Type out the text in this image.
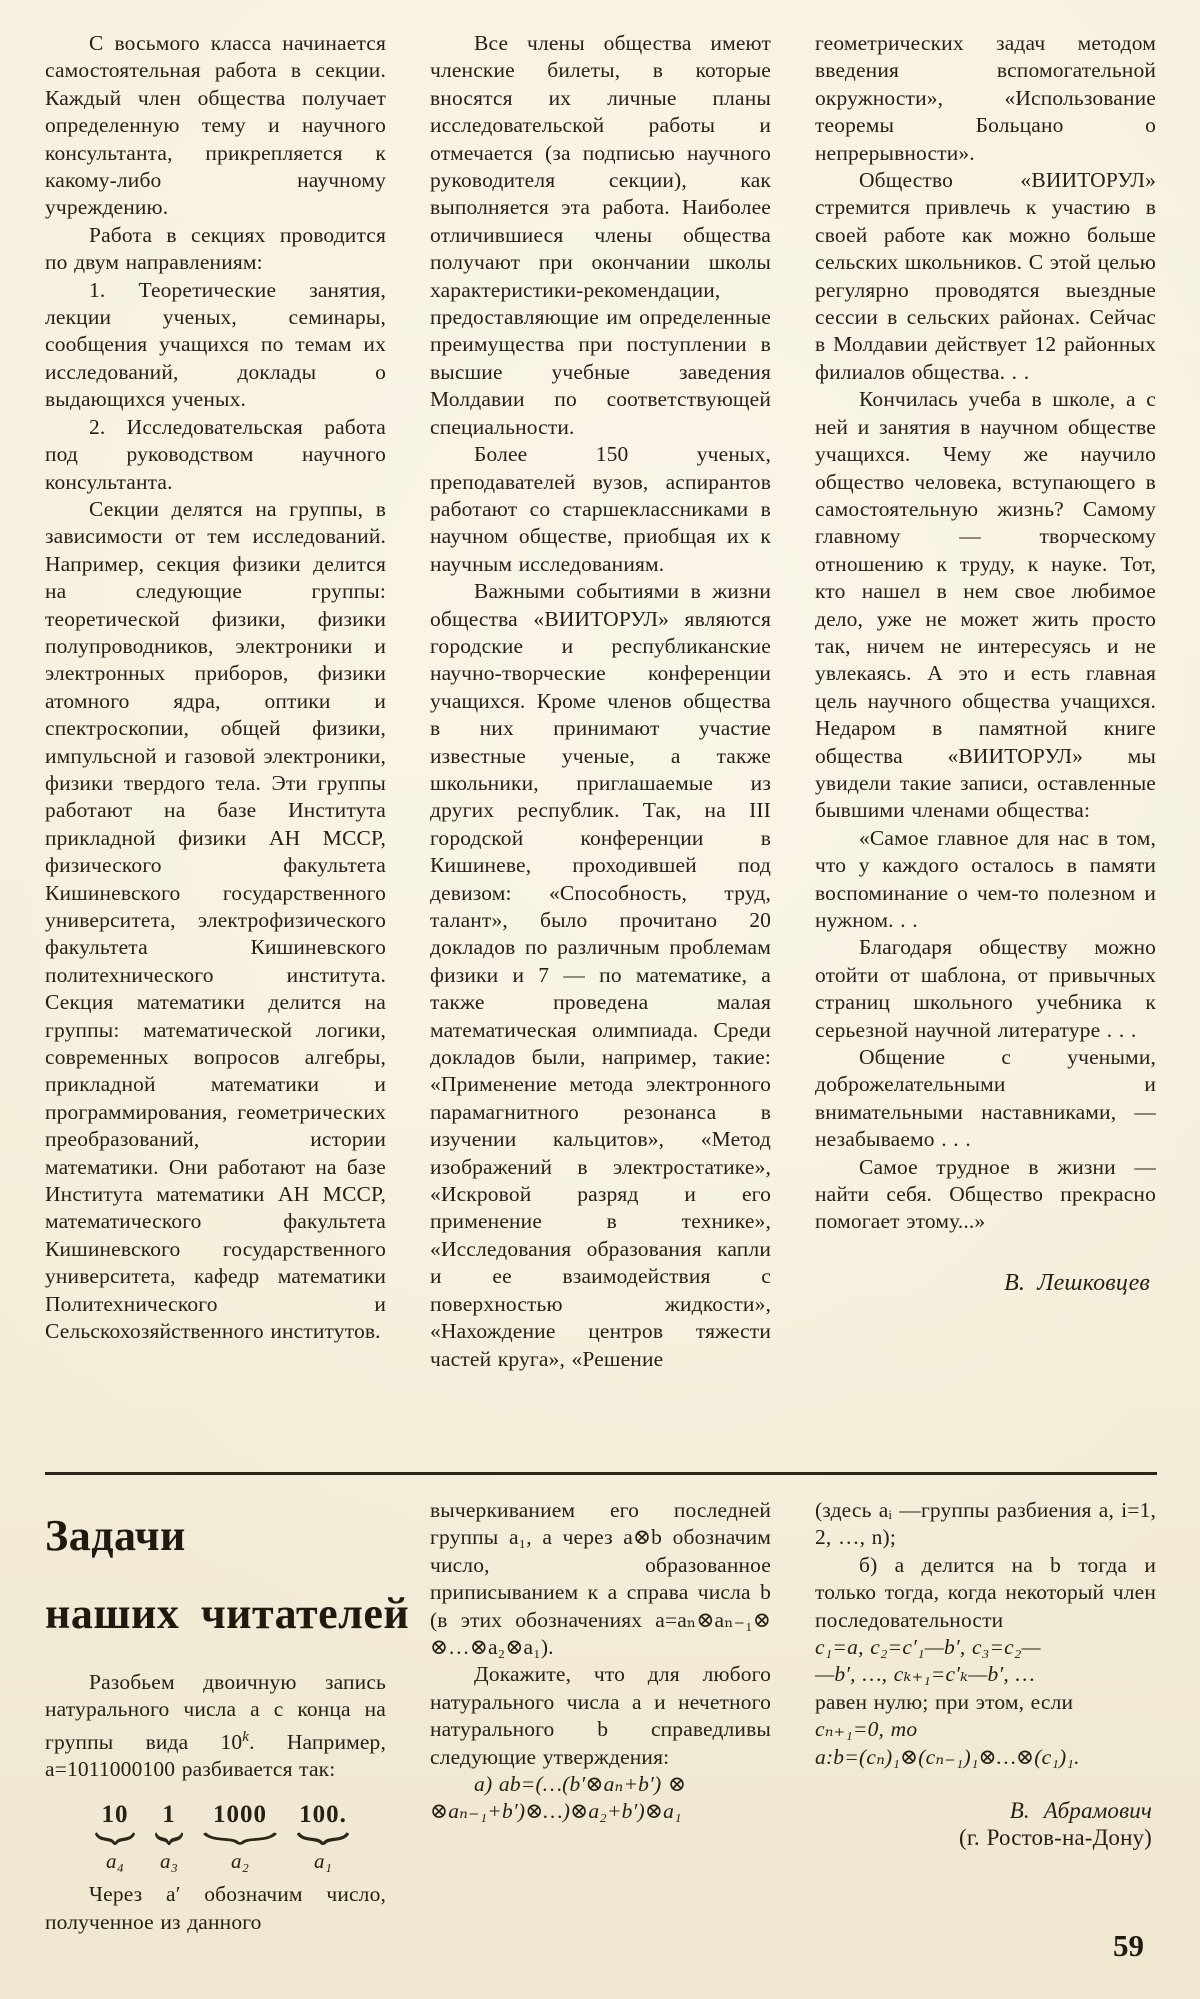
С восьмого класса начинается самостоятельная работа в секции. Каждый член общества получает определенную тему и научного консультанта, прикрепляется к какому-либо научному учреждению.

Работа в секциях проводится по двум направлениям:

1. Теоретические занятия, лекции ученых, семинары, сообщения учащихся по темам их исследований, доклады о выдающихся ученых.

2. Исследовательская работа под руководством научного консультанта.

Секции делятся на группы, в зависимости от тем исследований. Например, секция физики делится на следующие группы: теоретической физики, физики полупроводников, электроники и электронных приборов, физики атомного ядра, оптики и спектроскопии, общей физики, импульсной и газовой электроники, физики твердого тела. Эти группы работают на базе Института прикладной физики АН МССР, физического факультета Кишиневского государственного университета, электрофизического факультета Кишиневского политехнического института. Секция математики делится на группы: математической логики, современных вопросов алгебры, прикладной математики и программирования, геометрических преобразований, истории математики. Они работают на базе Института математики АН МССР, математического факультета Кишиневского государственного университета, кафедр математики Политехнического и Сельскохозяйственного институтов.

Все члены общества имеют членские билеты, в которые вносятся их личные планы исследовательской работы и отмечается (за подписью научного руководителя секции), как выполняется эта работа. Наиболее отличившиеся члены общества получают при окончании школы характеристики-рекомендации, предоставляющие им определенные преимущества при поступлении в высшие учебные заведения Молдавии по соответствующей специальности.

Более 150 ученых, преподавателей вузов, аспирантов работают со старшеклассниками в научном обществе, приобщая их к научным исследованиям.

Важными событиями в жизни общества «ВИИТОРУЛ» являются городские и республиканские научно-творческие конференции учащихся. Кроме членов общества в них принимают участие известные ученые, а также школьники, приглашаемые из других республик. Так, на III городской конференции в Кишиневе, проходившей под девизом: «Способность, труд, талант», было прочитано 20 докладов по различным проблемам физики и 7 — по математике, а также проведена малая математическая олимпиада. Среди докладов были, например, такие: «Применение метода электронного парамагнитного резонанса в изучении кальцитов», «Метод изображений в электростатике», «Искровой разряд и его применение в технике», «Исследования образования капли и ее взаимодействия с поверхностью жидкости», «Нахождение центров тяжести частей круга», «Решение

геометрических задач методом введения вспомогательной окружности», «Использование теоремы Больцано о непрерывности».

Общество «ВИИТОРУЛ» стремится привлечь к участию в своей работе как можно больше сельских школьников. С этой целью регулярно проводятся выездные сессии в сельских районах. Сейчас в Молдавии действует 12 районных филиалов общества. . .

Кончилась учеба в школе, а с ней и занятия в научном обществе учащихся. Чему же научило общество человека, вступающего в самостоятельную жизнь? Самому главному — творческому отношению к труду, к науке. Тот, кто нашел в нем свое любимое дело, уже не может жить просто так, ничем не интересуясь и не увлекаясь. А это и есть главная цель научного общества учащихся. Недаром в памятной книге общества «ВИИТОРУЛ» мы увидели такие записи, оставленные бывшими членами общества:

«Самое главное для нас в том, что у каждого осталось в памяти воспоминание о чем-то полезном и нужном. . .

Благодаря обществу можно отойти от шаблона, от привычных страниц школьного учебника к серьезной научной литературе . . .

Общение с учеными, доброжелательными и внимательными наставниками, — незабываемо . . .

Самое трудное в жизни — найти себя. Общество прекрасно помогает этому...»

В. Лешковцев
Задачи
наших читателей

Разобьем двоичную запись натурального числа a с конца на группы вида 10$^k$. Например, a=1011000100 разбивается так:

10
a₄
1
a₃
1000
a₂
100.
a₁

Через a′ обозначим число, полученное из данного

вычеркиванием его последней группы a₁, а через a⊗b обозначим число, образованное приписыванием к a справа числа b (в этих обозначениях a=aₙ⊗aₙ₋₁⊗ ⊗…⊗a₂⊗a₁).

Докажите, что для любого натурального числа a и нечетного натурального b справедливы следующие утверждения:

а) ab=(…(b′⊗aₙ+b′) ⊗ ⊗aₙ₋₁+b′)⊗…)⊗a₂+b′)⊗a₁

(здесь aᵢ —группы разбиения a, i=1, 2, …, n);

б) a делится на b тогда и только тогда, когда некоторый член последовательности

c₁=a, c₂=c′₁—b′, c₃=c₂—

—b′, …, cₖ₊₁=c′ₖ—b′, …

равен нулю; при этом, если

cₙ₊₁=0, то

a:b=(cₙ)₁⊗(cₙ₋₁)₁⊗…⊗(c₁)₁.

В. Абрамович
(г. Ростов-на-Дону)
59
